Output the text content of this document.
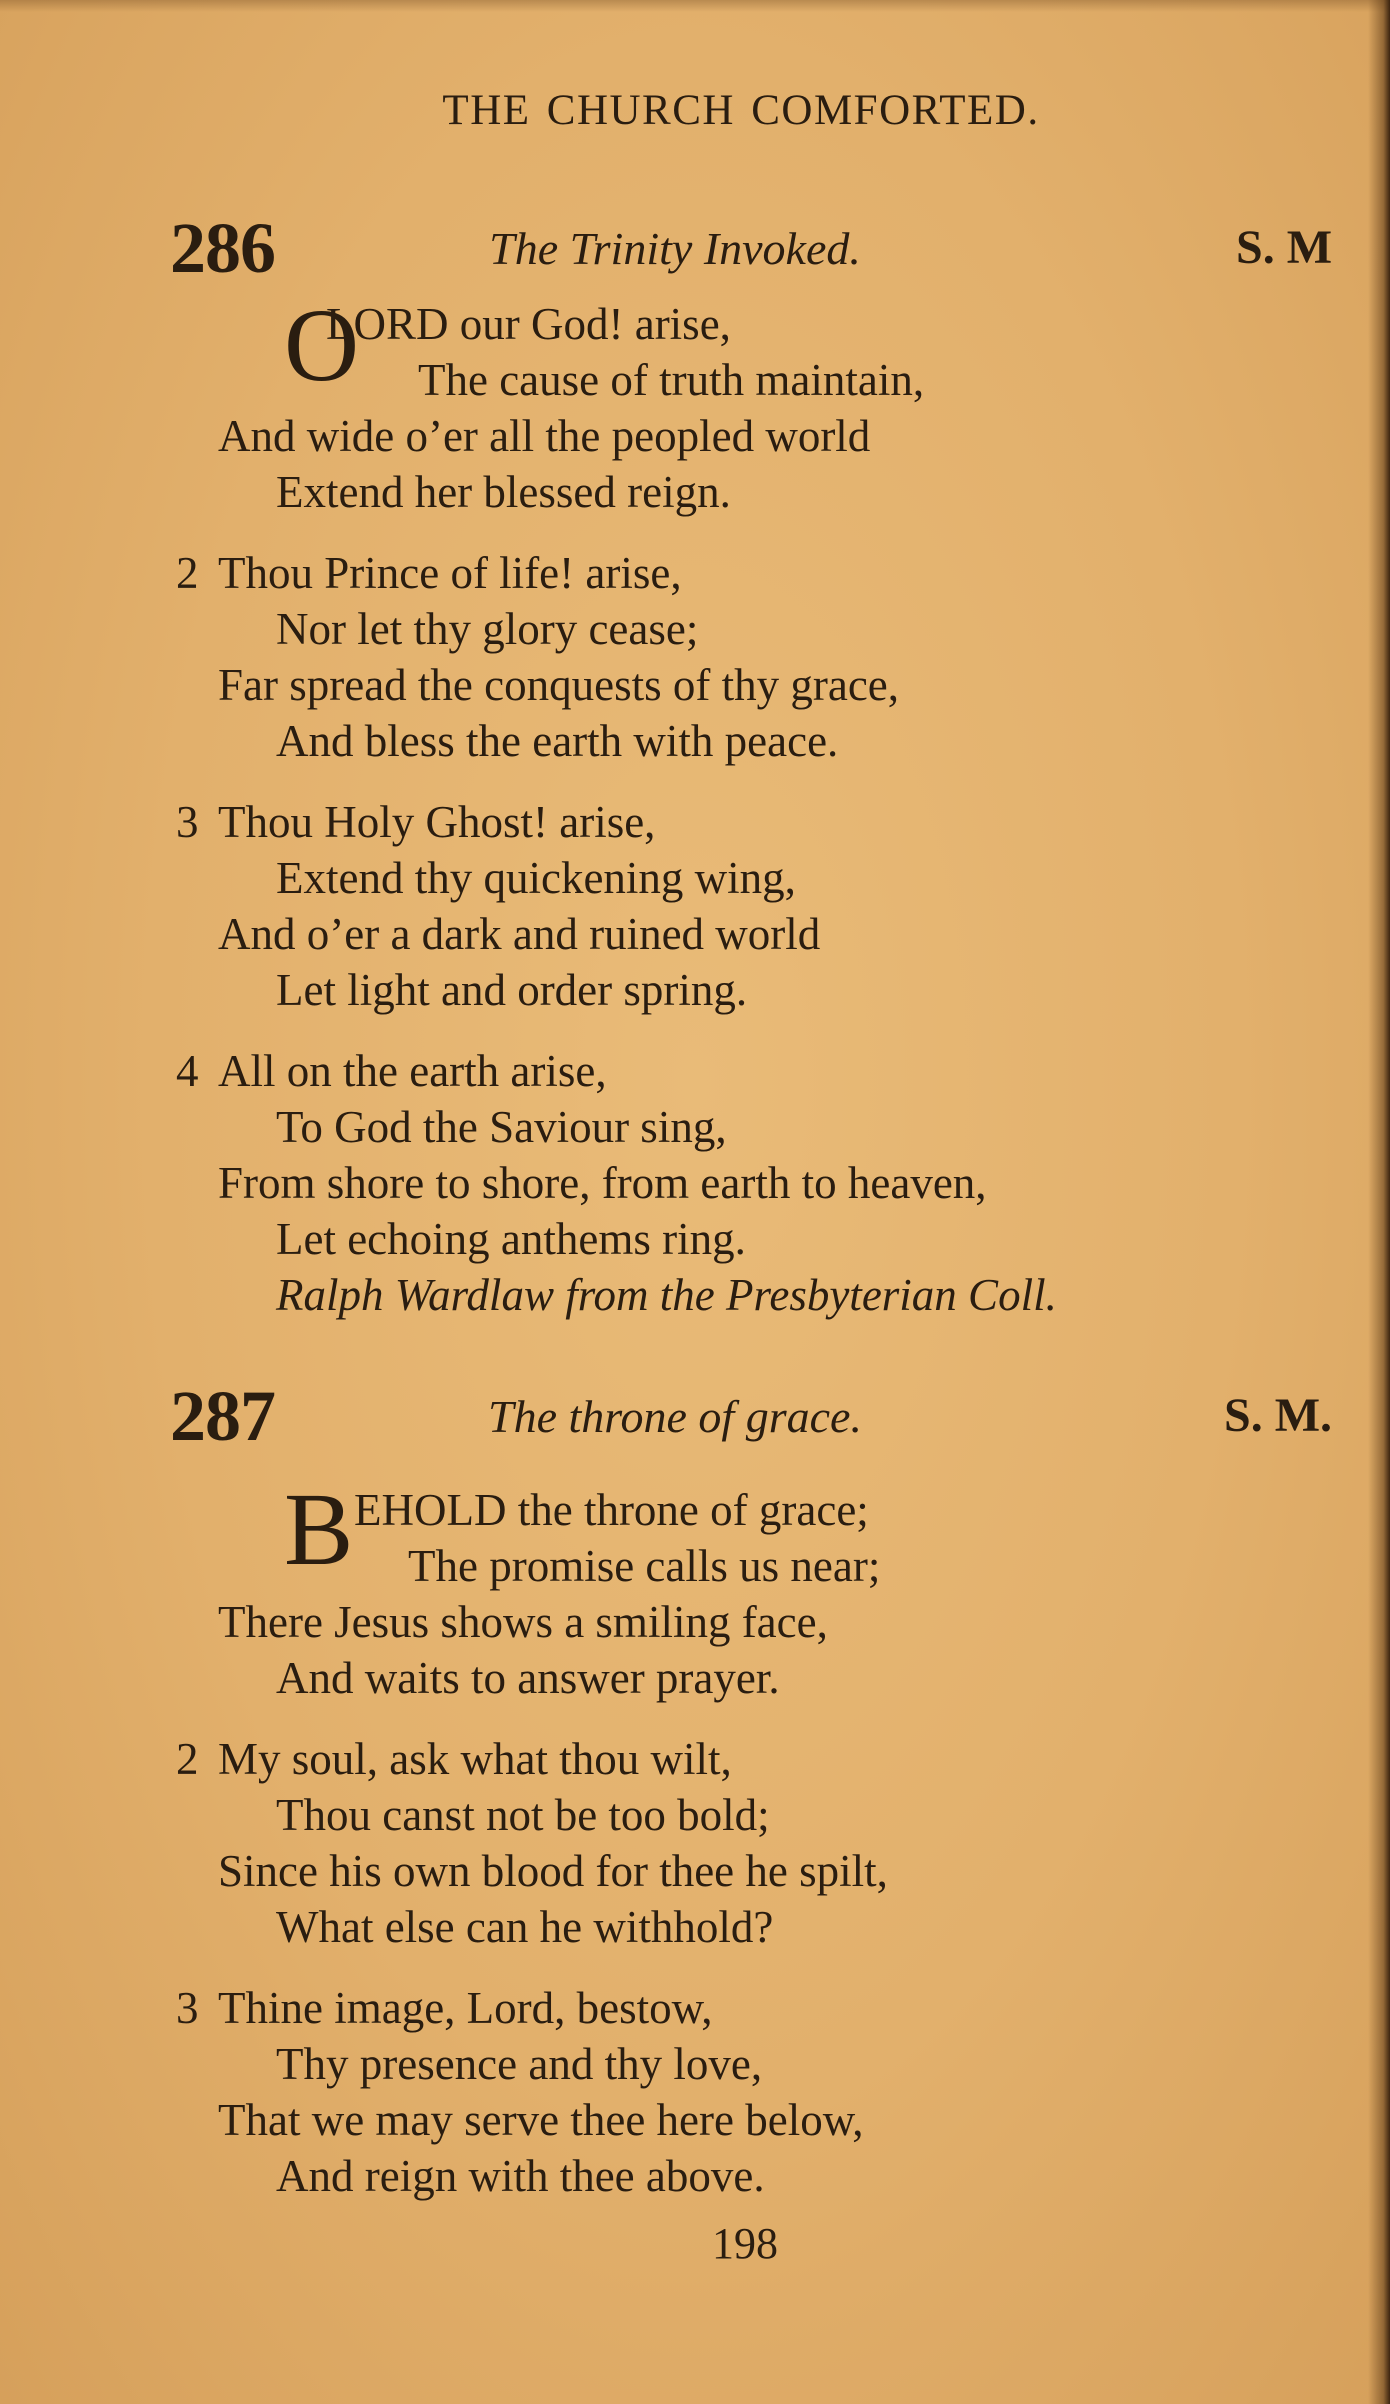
THE CHURCH COMFORTED.
286	The Trinity Invoked.	S. M
O
LORD our God! arise,
The cause of truth maintain,
And wide o’er all the peopled world
Extend her blessed reign.
2 Thou Prince of life! arise,
Nor let thy glory cease;
Far spread the conquests of thy grace,
And bless the earth with peace.
3 Thou Holy Ghost! arise,
Extend thy quickening wing,
And o’er a dark and ruined world
Let light and order spring.
4 All on the earth arise,
To God the Saviour sing,
From shore to shore, from earth to heaven,
Let echoing anthems ring.
Ralph Wardlaw from the Presbyterian Coll.
287	The throne of grace.	S. M.
B EHOLD the throne of grace;
The promise calls us near;
There Jesus shows a smiling face,
And waits to answer prayer.
2 My soul, ask what thou wilt,
Thou canst not be too bold;
Since his own blood for thee he spilt,
What else can he withhold?
3 Thine image, Lord, bestow,
Thy presence and thy love,
That we may serve thee here below,
And reign with thee above.
198
